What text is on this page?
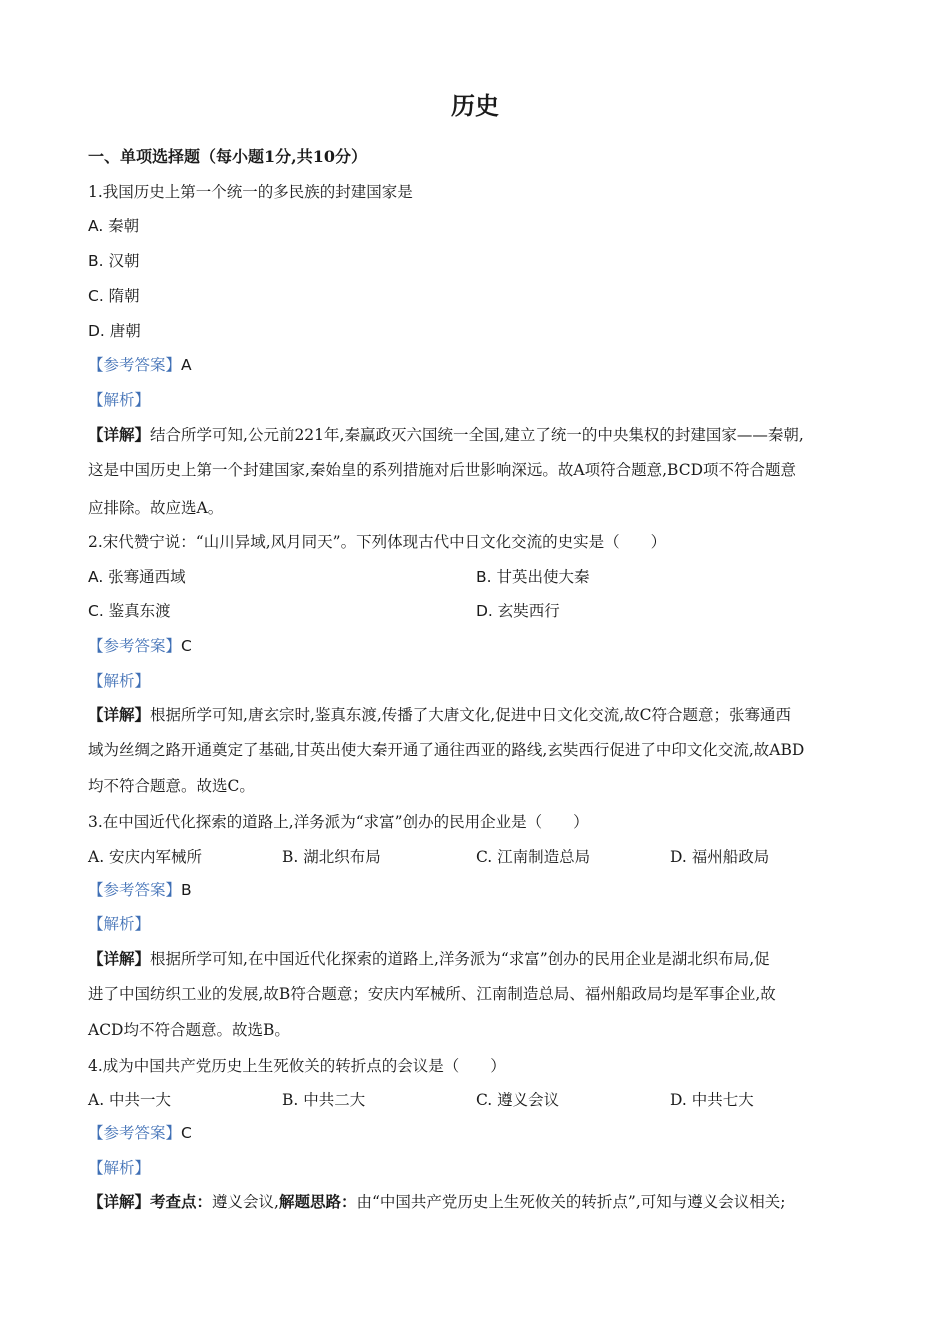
历史
一、单项选择题（每小题1分,共10分）
1.我国历史上第一个统一的多民族的封建国家是
A. 秦朝
B. 汉朝
C. 隋朝
D. 唐朝
【参考答案】A
【解析】
【详解】结合所学可知,公元前221年,秦赢政灭六国统一全国,建立了统一的中央集权的封建国家——秦朝,
这是中国历史上第一个封建国家,秦始皇的系列措施对后世影响深远。故A项符合题意,BCD项不符合题意
应排除。故应选A。
2.宋代赞宁说：“山川异域,风月同天”。下列体现古代中日文化交流的史实是（　　）
A. 张骞通西域	B. 甘英出使大秦
C. 鉴真东渡	D. 玄奘西行
【参考答案】C
【解析】
【详解】根据所学可知,唐玄宗时,鉴真东渡,传播了大唐文化,促进中日文化交流,故C符合题意；张骞通西
域为丝绸之路开通奠定了基础,甘英出使大秦开通了通往西亚的路线,玄奘西行促进了中印文化交流,故ABD
均不符合题意。故选C。
3.在中国近代化探索的道路上,洋务派为“求富”创办的民用企业是（　　）
A. 安庆内军械所	B. 湖北织布局	C. 江南制造总局	D. 福州船政局
【参考答案】B
【解析】
【详解】根据所学可知,在中国近代化探索的道路上,洋务派为“求富”创办的民用企业是湖北织布局,促
进了中国纺织工业的发展,故B符合题意；安庆内军械所、江南制造总局、福州船政局均是军事企业,故
ACD均不符合题意。故选B。
4.成为中国共产党历史上生死攸关的转折点的会议是（　　）
A. 中共一大	B. 中共二大	C. 遵义会议	D. 中共七大
【参考答案】C
【解析】
【详解】考查点：遵义会议,解题思路：由“中国共产党历史上生死攸关的转折点”,可知与遵义会议相关;
